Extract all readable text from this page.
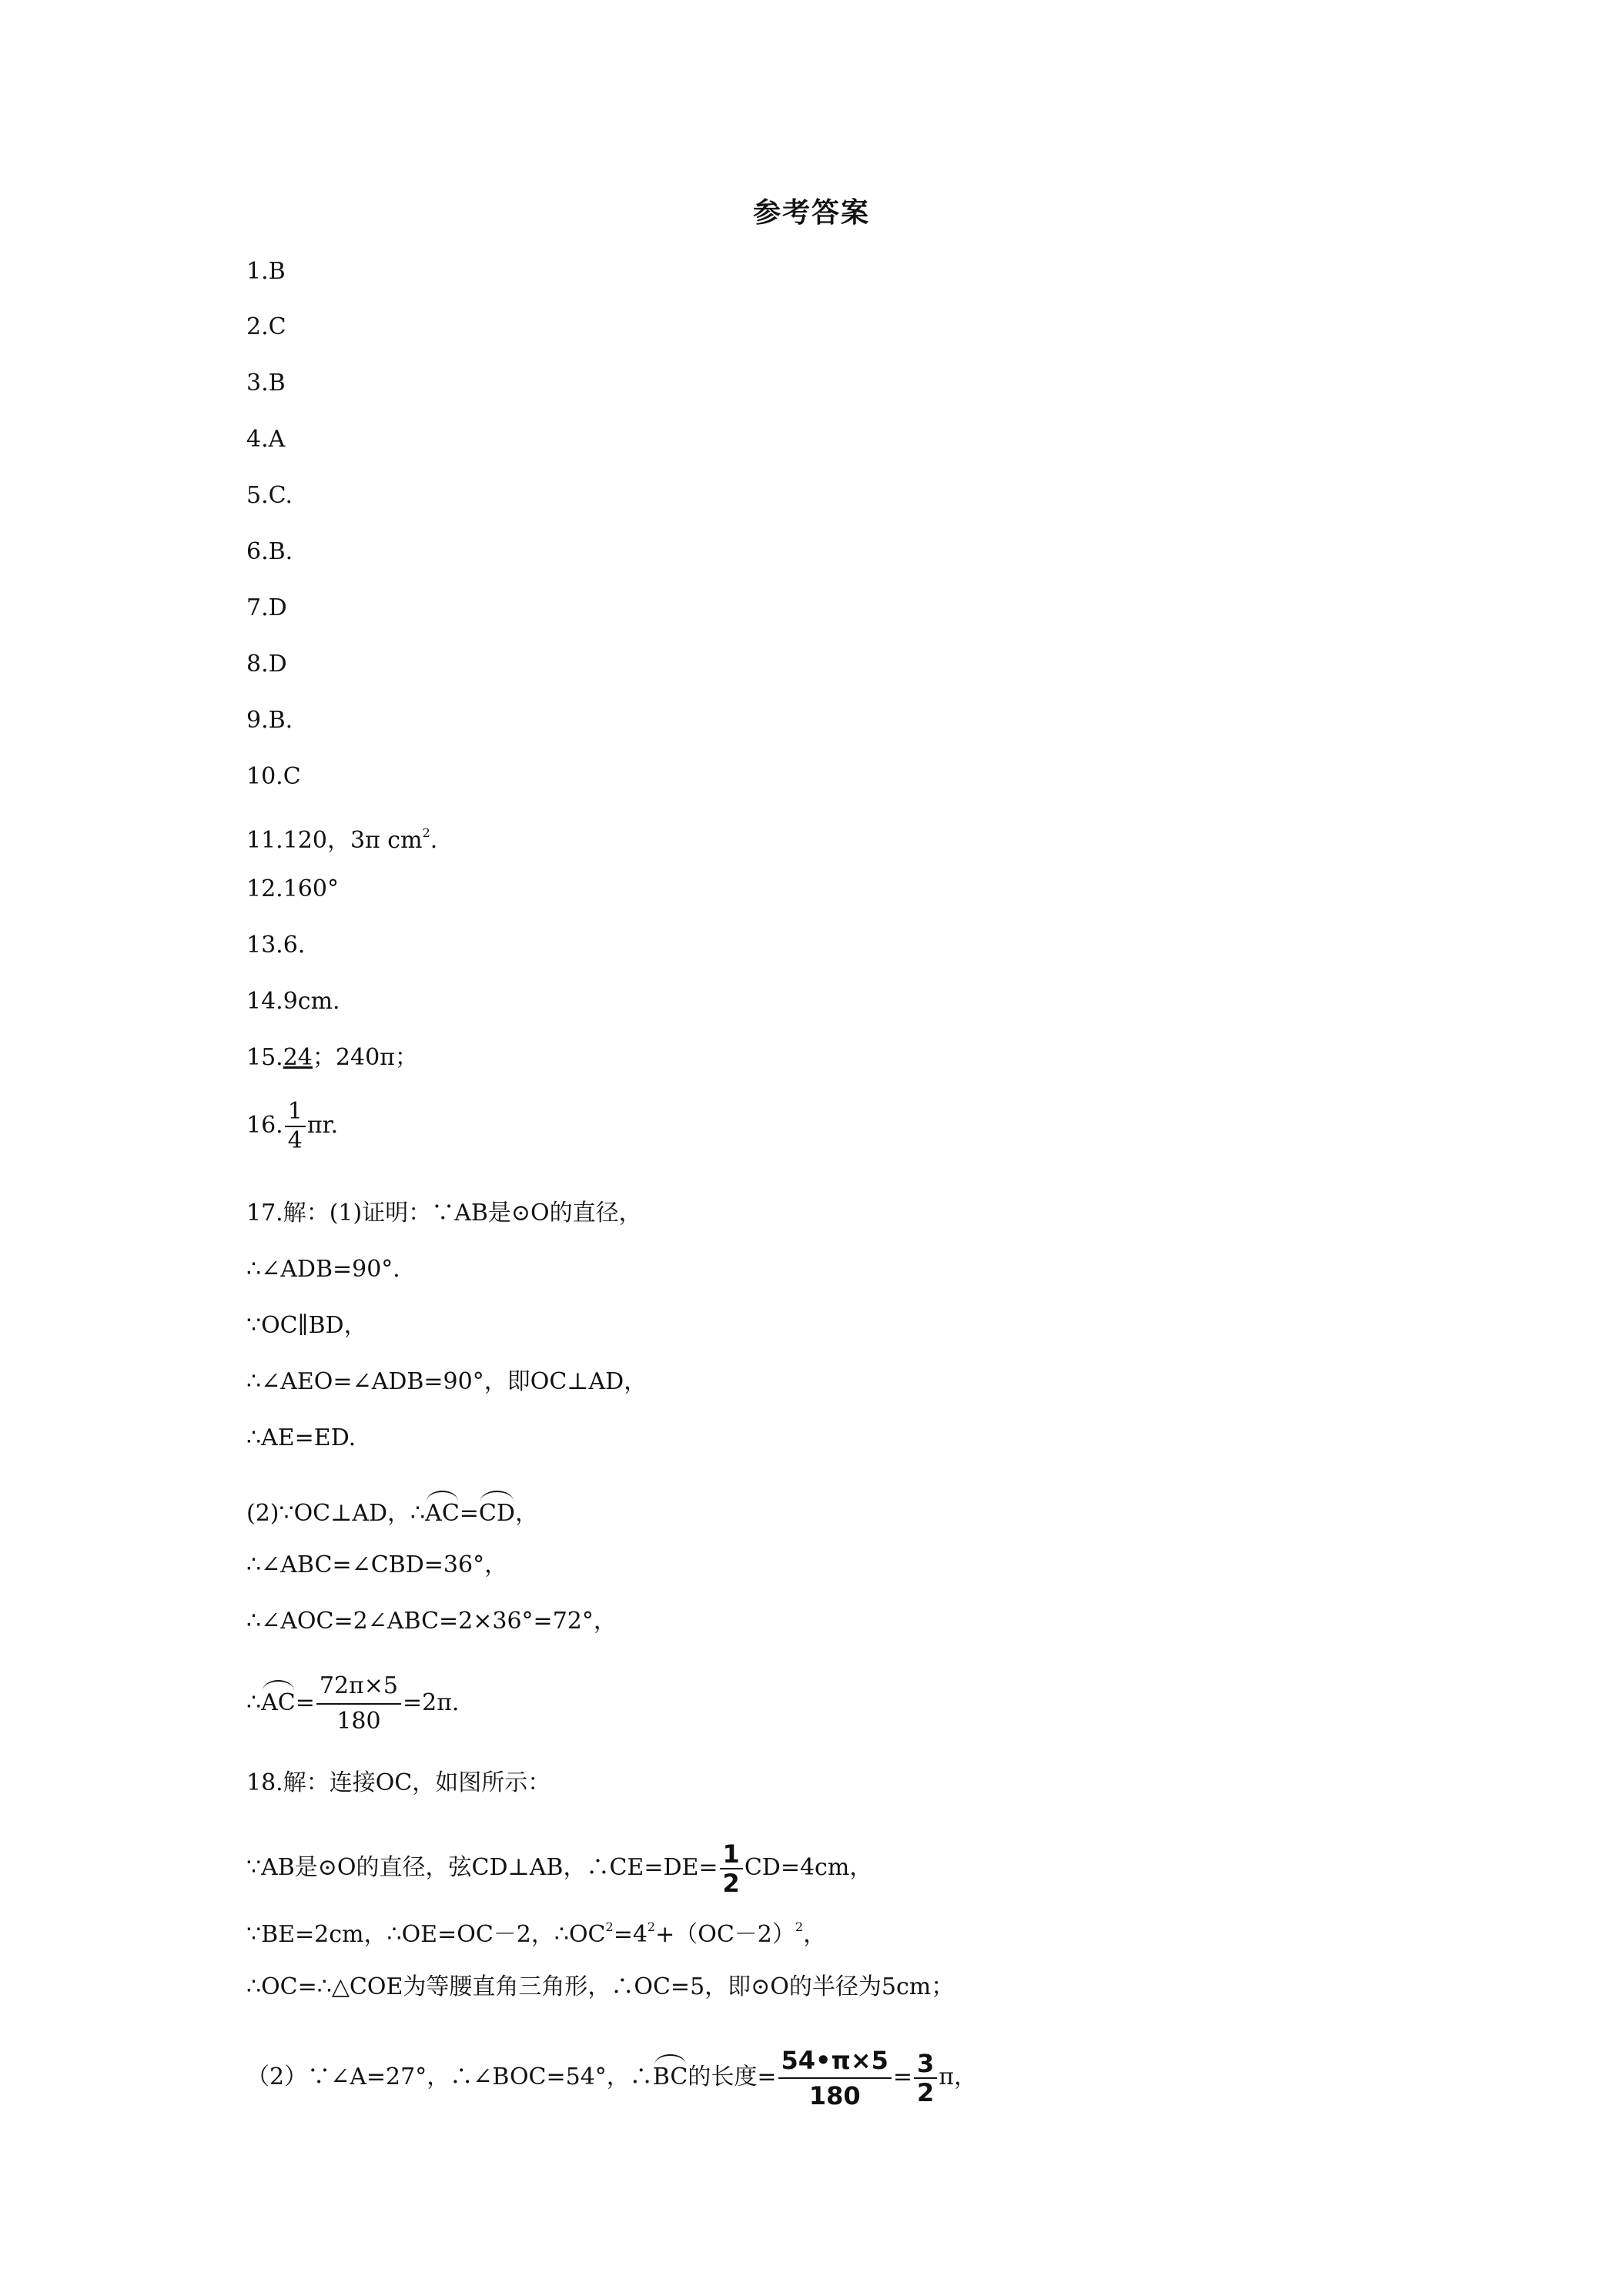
参考答案
1.B
2.C
3.B
4.A
5.C.
6.B.
7.D
8.D
9.B.
10.C
11.120，3π $cm^2$.
12.160°
13.6.
14.9cm.
15.24；240π；
16. $\frac{1}{4} \pi r$.
17.解：(1)证明：∵AB是⊙O的直径，
∴∠ADB=90°．
∵OC∥BD，
∴∠AEO=∠ADB=90°，即OC⊥AD，
∴AE=ED.
(2)∵OC⊥AD，∴AC=CD，
∴∠ABC=∠CBD=36°，
∴∠AOC=2∠ABC=2×36°=72°，
∴AC= $\frac{72\pi\times 5}{180} =2\pi$.
18.解：连接OC，如图所示：
∵AB是⊙O的直径，弦CD⊥AB，∴CE=DE= $\frac{1}{2} CD=4cm$，
∵BE=2cm，∴OE=OC－2，$\therefore OC^2=4^2+(OC-2)^2$，
∴OC=∴△COE为等腰直角三角形，∴OC=5，即⊙O的半径为5cm；
（2）∵∠A=27°，∴∠BOC=54°，∴BC的长度= $\frac{54•\pi\times 5}{180} = \frac{3}{2}$ π，
